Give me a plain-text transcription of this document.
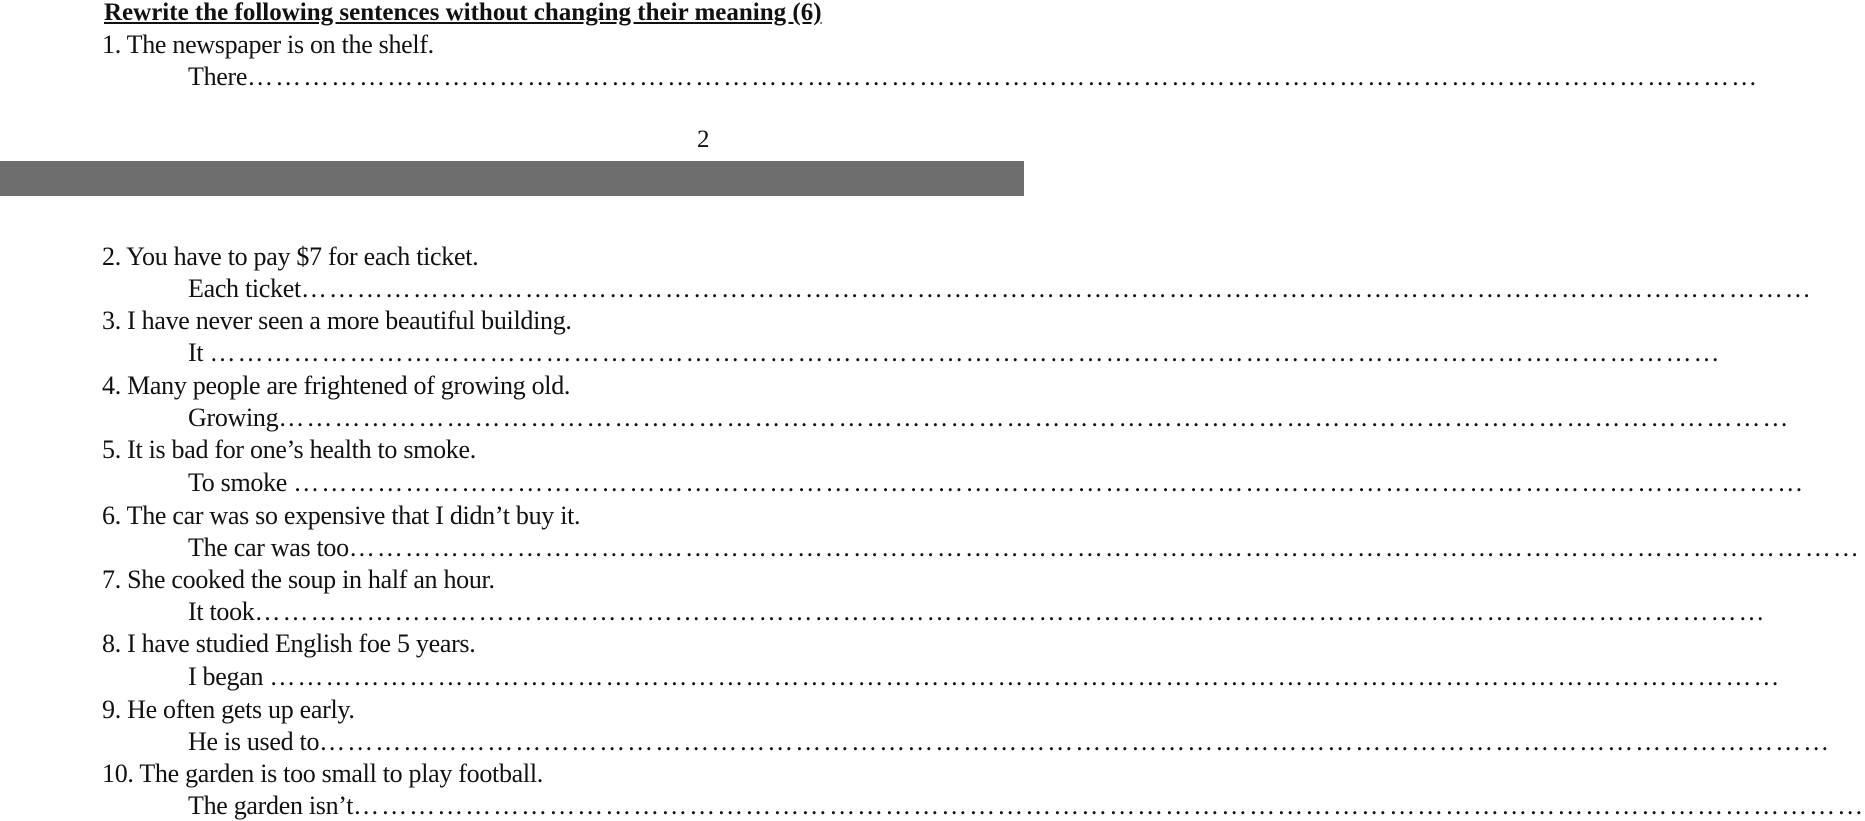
Rewrite the following sentences without changing their meaning (6)
1. The newspaper is on the shelf.
There………………………………………………………………………………………………………………………………………………
2
2. You have to pay $7 for each ticket.
Each ticket………………………………………………………………………………………………………………………………………………
3. I have never seen a more beautiful building.
It ………………………………………………………………………………………………………………………………………………
4. Many people are frightened of growing old.
Growing………………………………………………………………………………………………………………………………………………
5. It is bad for one’s health to smoke.
To smoke ………………………………………………………………………………………………………………………………………………
6. The car was so expensive that I didn’t buy it.
The car was too………………………………………………………………………………………………………………………………………………
7. She cooked the soup in half an hour.
It took………………………………………………………………………………………………………………………………………………
8. I have studied English foe 5 years.
I began ………………………………………………………………………………………………………………………………………………
9. He often gets up early.
He is used to………………………………………………………………………………………………………………………………………………
10. The garden is too small to play football.
The garden isn’t………………………………………………………………………………………………………………………………………………
